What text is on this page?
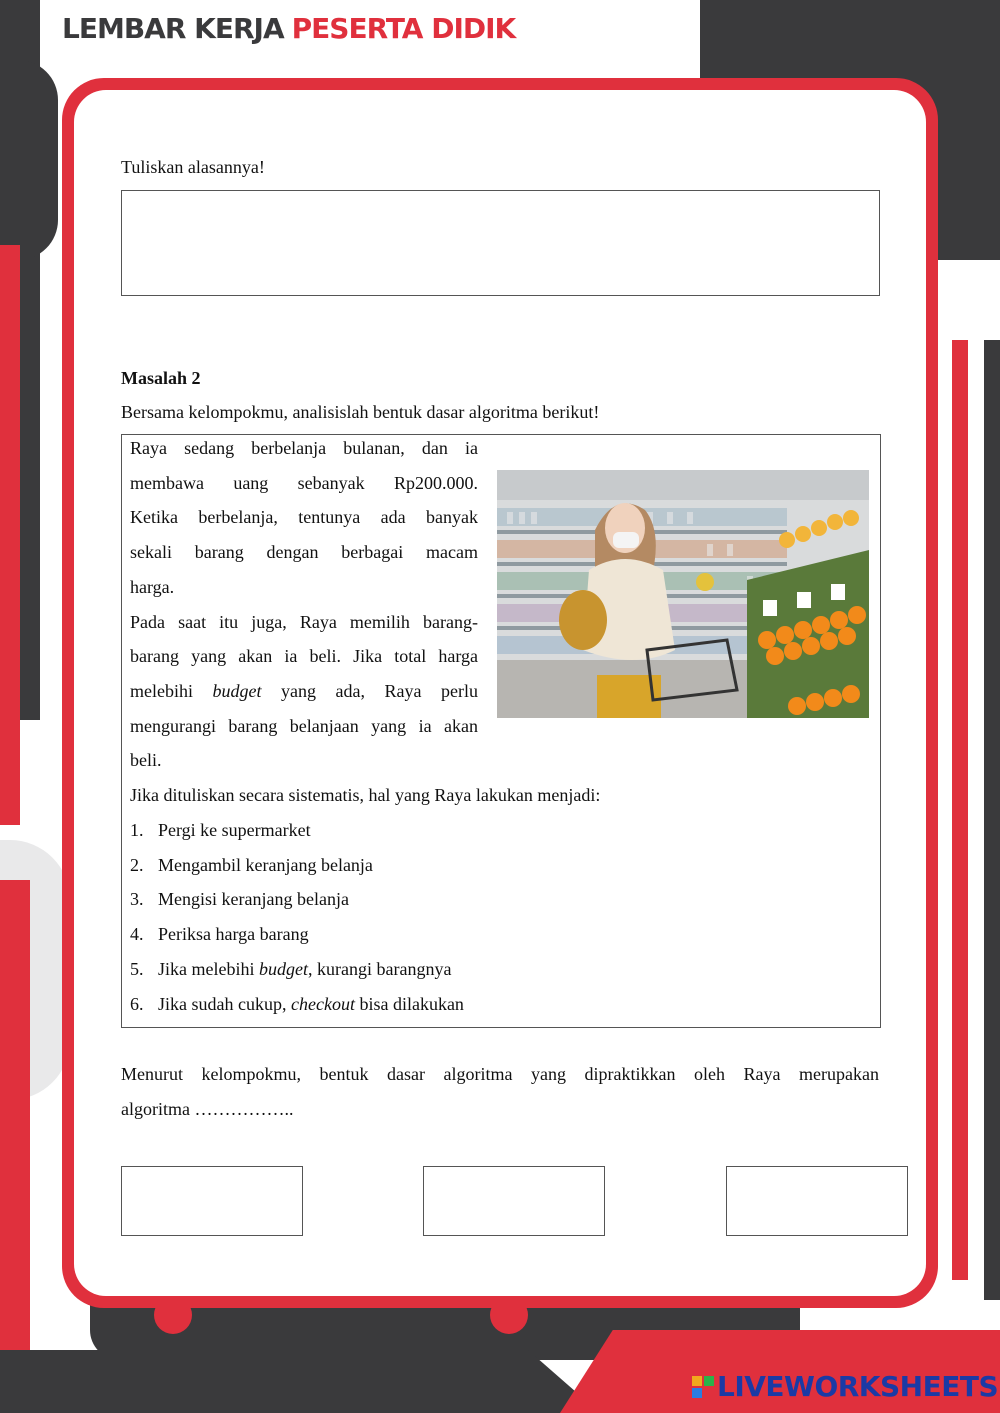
LEMBAR KERJA PESERTA DIDIK
Tuliskan alasannya!
Masalah 2
Bersama kelompokmu, analisislah bentuk dasar algoritma berikut!
Raya sedang berbelanja bulanan, dan ia
membawa uang sebanyak Rp200.000.
Ketika berbelanja, tentunya ada banyak
sekali barang dengan berbagai macam
harga.
Pada saat itu juga, Raya memilih barang-
barang yang akan ia beli. Jika total harga
melebihi budget yang ada, Raya perlu
mengurangi barang belanjaan yang ia akan
beli.
Jika dituliskan secara sistematis, hal yang Raya lakukan menjadi:
1. Pergi ke supermarket
2. Mengambil keranjang belanja
3. Mengisi keranjang belanja
4. Periksa harga barang
5. Jika melebihi budget, kurangi barangnya
6. Jika sudah cukup, checkout bisa dilakukan
Menurut kelompokmu, bentuk dasar algoritma yang dipraktikkan oleh Raya merupakan
algoritma ……………..
LIVEWORKSHEETS
